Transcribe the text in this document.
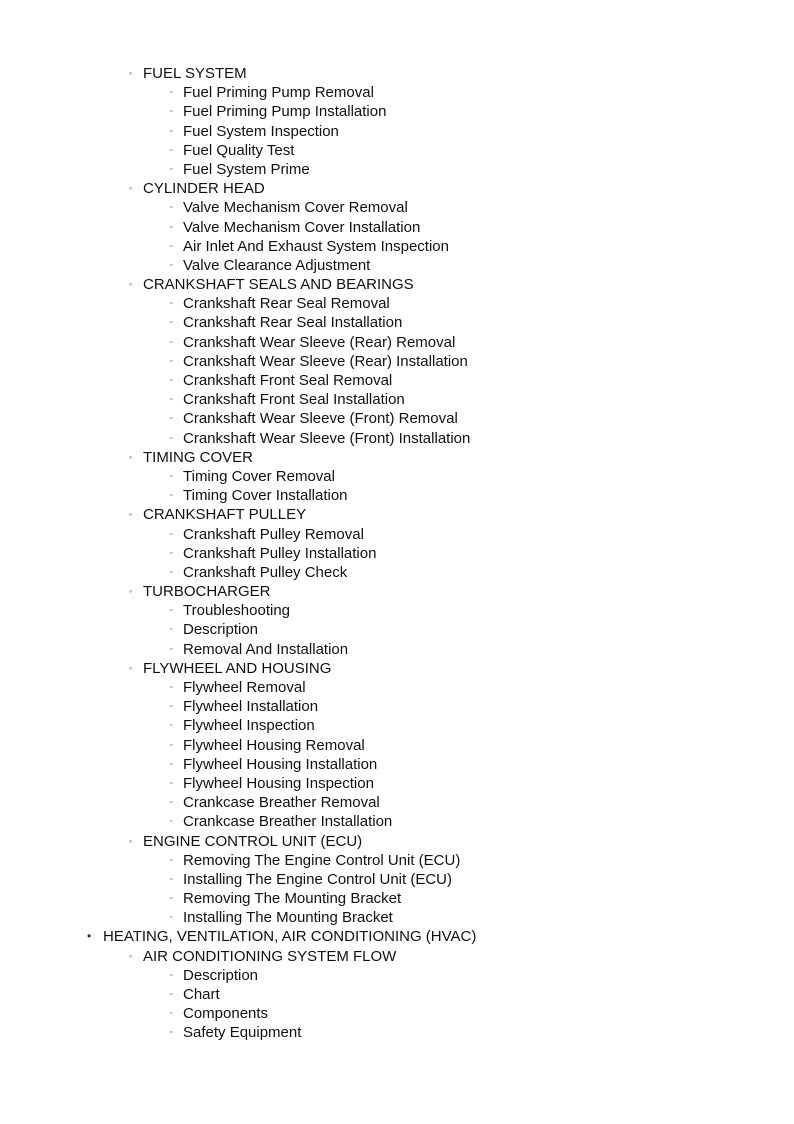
◦ FUEL SYSTEM
▫ Fuel Priming Pump Removal
▫ Fuel Priming Pump Installation
▫ Fuel System Inspection
▫ Fuel Quality Test
▫ Fuel System Prime
◦ CYLINDER HEAD
▫ Valve Mechanism Cover Removal
▫ Valve Mechanism Cover Installation
▫ Air Inlet And Exhaust System Inspection
▫ Valve Clearance Adjustment
◦ CRANKSHAFT SEALS AND BEARINGS
▫ Crankshaft Rear Seal Removal
▫ Crankshaft Rear Seal Installation
▫ Crankshaft Wear Sleeve (Rear) Removal
▫ Crankshaft Wear Sleeve (Rear) Installation
▫ Crankshaft Front Seal Removal
▫ Crankshaft Front Seal Installation
▫ Crankshaft Wear Sleeve (Front) Removal
▫ Crankshaft Wear Sleeve (Front) Installation
◦ TIMING COVER
▫ Timing Cover Removal
▫ Timing Cover Installation
◦ CRANKSHAFT PULLEY
▫ Crankshaft Pulley Removal
▫ Crankshaft Pulley Installation
▫ Crankshaft Pulley Check
◦ TURBOCHARGER
▫ Troubleshooting
▫ Description
▫ Removal And Installation
◦ FLYWHEEL AND HOUSING
▫ Flywheel Removal
▫ Flywheel Installation
▫ Flywheel Inspection
▫ Flywheel Housing Removal
▫ Flywheel Housing Installation
▫ Flywheel Housing Inspection
▫ Crankcase Breather Removal
▫ Crankcase Breather Installation
◦ ENGINE CONTROL UNIT (ECU)
▫ Removing The Engine Control Unit (ECU)
▫ Installing The Engine Control Unit (ECU)
▫ Removing The Mounting Bracket
▫ Installing The Mounting Bracket
• HEATING, VENTILATION, AIR CONDITIONING (HVAC)
◦ AIR CONDITIONING SYSTEM FLOW
▫ Description
▫ Chart
▫ Components
▫ Safety Equipment
